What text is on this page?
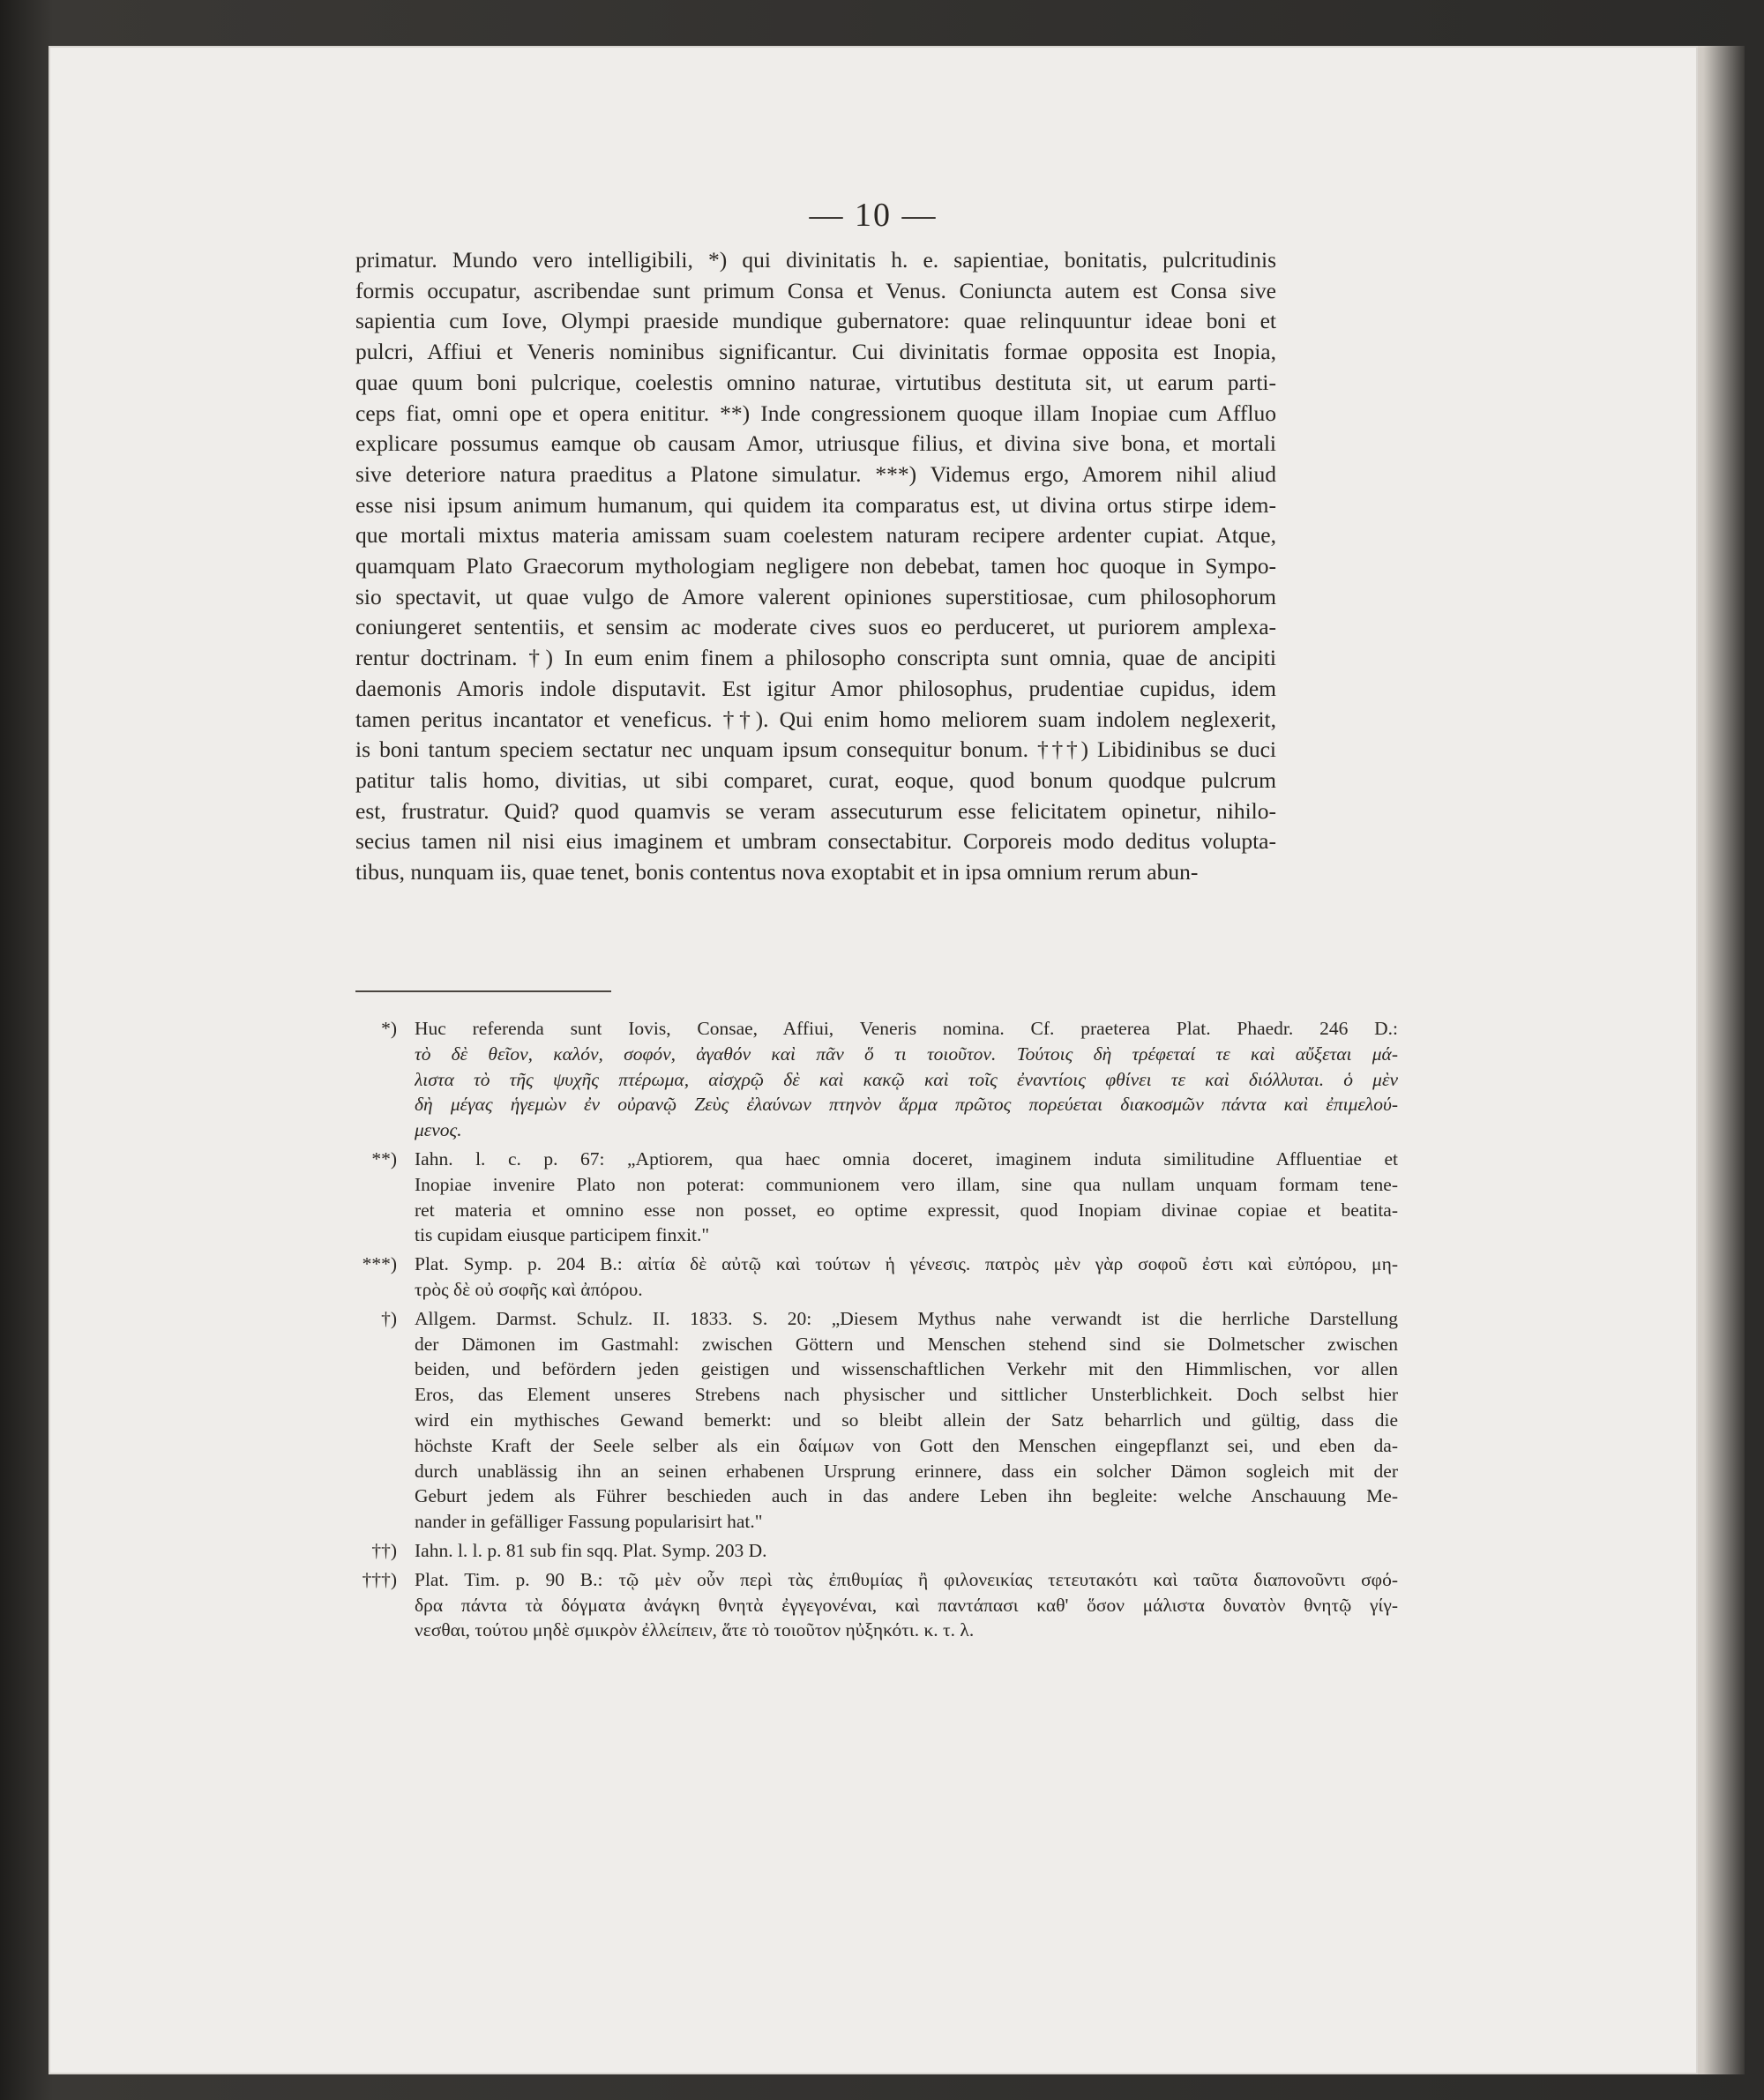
— 10 —
primatur. Mundo vero intelligibili, *) qui divinitatis h. e. sapientiae, bonitatis, pulcritudinis
formis occupatur, ascribendae sunt primum Consa et Venus. Coniuncta autem est Consa sive
sapientia cum Iove, Olympi praeside mundique gubernatore: quae relinquuntur ideae boni et
pulcri, Affiui et Veneris nominibus significantur. Cui divinitatis formae opposita est Inopia,
quae quum boni pulcrique, coelestis omnino naturae, virtutibus destituta sit, ut earum parti-
ceps fiat, omni ope et opera enititur. **) Inde congressionem quoque illam Inopiae cum Affluo
explicare possumus eamque ob causam Amor, utriusque filius, et divina sive bona, et mortali
sive deteriore natura praeditus a Platone simulatur. ***) Videmus ergo, Amorem nihil aliud
esse nisi ipsum animum humanum, qui quidem ita comparatus est, ut divina ortus stirpe idem-
que mortali mixtus materia amissam suam coelestem naturam recipere ardenter cupiat. Atque,
quamquam Plato Graecorum mythologiam negligere non debebat, tamen hoc quoque in Sympo-
sio spectavit, ut quae vulgo de Amore valerent opiniones superstitiosae, cum philosophorum
coniungeret sententiis, et sensim ac moderate cives suos eo perduceret, ut puriorem amplexa-
rentur doctrinam. †) In eum enim finem a philosopho conscripta sunt omnia, quae de ancipiti
daemonis Amoris indole disputavit. Est igitur Amor philosophus, prudentiae cupidus, idem
tamen peritus incantator et veneficus. ††). Qui enim homo meliorem suam indolem neglexerit,
is boni tantum speciem sectatur nec unquam ipsum consequitur bonum. †††) Libidinibus se duci
patitur talis homo, divitias, ut sibi comparet, curat, eoque, quod bonum quodque pulcrum
est, frustratur. Quid? quod quamvis se veram assecuturum esse felicitatem opinetur, nihilo-
secius tamen nil nisi eius imaginem et umbram consectabitur. Corporeis modo deditus volupta-
tibus, nunquam iis, quae tenet, bonis contentus nova exoptabit et in ipsa omnium rerum abun-
*) Huc referenda sunt Iovis, Consae, Affiui, Veneris nomina. Cf. praeterea Plat. Phaedr. 246 D.:
τὸ δὲ θεῖον, καλόν, σοφόν, ἀγαθόν καὶ πᾶν ὅ τι τοιοῦτον. Τούτοις δὴ τρέφεταί τε καὶ αὔξεται μά-
λιστα τὸ τῆς ψυχῆς πτέρωμα, αἰσχρῷ δὲ καὶ κακῷ καὶ τοῖς ἐναντίοις φθίνει τε καὶ διόλλυται. ὁ μὲν
δὴ μέγας ἡγεμὼν ἐν οὐρανῷ Ζεὺς ἐλαύνων πτηνὸν ἅρμα πρῶτος πορεύεται διακοσμῶν πάντα καὶ ἐπιμελού-
μενος.
**) Iahn. l. c. p. 67: „Aptiorem, qua haec omnia doceret, imaginem induta similitudine Affluentiae et
Inopiae invenire Plato non poterat: communionem vero illam, sine qua nullam unquam formam tene-
ret materia et omnino esse non posset, eo optime expressit, quod Inopiam divinae copiae et beatita-
tis cupidam eiusque participem finxit."
***) Plat. Symp. p. 204 B.: αἰτία δὲ αὐτῷ καὶ τούτων ἡ γένεσις. πατρὸς μὲν γὰρ σοφοῦ ἐστι καὶ εὐπόρου, μη-
τρὸς δὲ οὐ σοφῆς καὶ ἀπόρου.
†) Allgem. Darmst. Schulz. II. 1833. S. 20: „Diesem Mythus nahe verwandt ist die herrliche Darstellung
der Dämonen im Gastmahl: zwischen Göttern und Menschen stehend sind sie Dolmetscher zwischen
beiden, und befördern jeden geistigen und wissenschaftlichen Verkehr mit den Himmlischen, vor allen
Eros, das Element unseres Strebens nach physischer und sittlicher Unsterblichkeit. Doch selbst hier
wird ein mythisches Gewand bemerkt: und so bleibt allein der Satz beharrlich und gültig, dass die
höchste Kraft der Seele selber als ein δαίμων von Gott den Menschen eingepflanzt sei, und eben da-
durch unablässig ihn an seinen erhabenen Ursprung erinnere, dass ein solcher Dämon sogleich mit der
Geburt jedem als Führer beschieden auch in das andere Leben ihn begleite: welche Anschauung Me-
nander in gefälliger Fassung popularisirt hat."
††) Iahn. l. l. p. 81 sub fin sqq. Plat. Symp. 203 D.
†††) Plat. Tim. p. 90 B.: τῷ μὲν οὖν περὶ τὰς ἐπιθυμίας ἢ φιλονεικίας τετευτακότι καὶ ταῦτα διαπονοῦντι σφό-
δρα πάντα τὰ δόγματα ἀνάγκη θνητὰ ἐγγεγονέναι, καὶ παντάπασι καθ' ὅσον μάλιστα δυνατὸν θνητῷ γίγ-
νεσθαι, τούτου μηδὲ σμικρὸν ἐλλείπειν, ἅτε τὸ τοιοῦτον ηὐξηκότι. κ. τ. λ.
